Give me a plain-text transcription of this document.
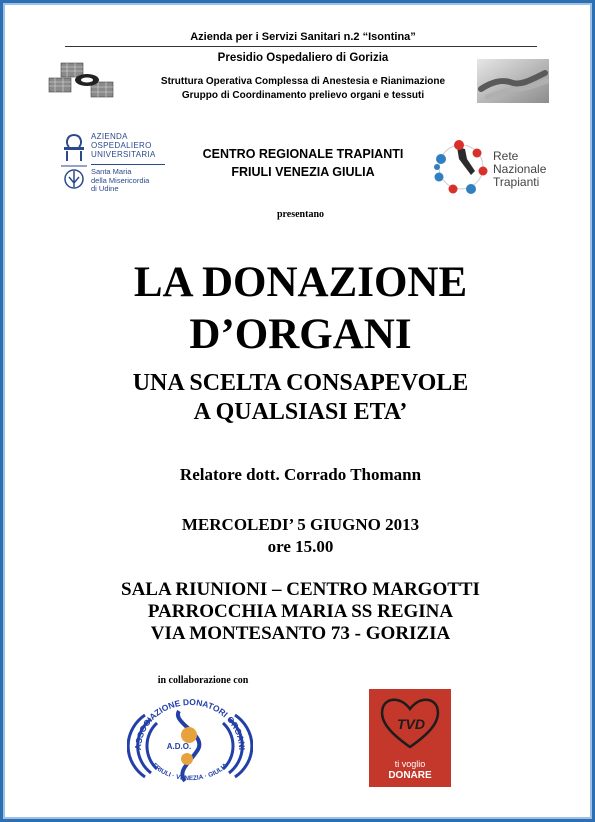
Azienda per i Servizi Sanitari n.2 “Isontina”
Presidio Ospedaliero di Gorizia
Struttura Operativa Complessa di Anestesia e Rianimazione
Gruppo di Coordinamento prelievo organi e tessuti
AZIENDA
OSPEDALIERO
UNIVERSITARIA
Santa Maria
della Misericordia
di Udine
CENTRO REGIONALE TRAPIANTI
FRIULI VENEZIA GIULIA
Rete
Nazionale
Trapianti
presentano
LA DONAZIONE
D’ORGANI
UNA SCELTA CONSAPEVOLE
A QUALSIASI ETA’
Relatore dott. Corrado Thomann
MERCOLEDI’ 5 GIUGNO 2013
ore 15.00
SALA RIUNIONI – CENTRO MARGOTTI
PARROCCHIA MARIA SS REGINA
VIA MONTESANTO 73 - GORIZIA
in collaborazione con
ASSOCIAZIONE DONATORI ORGANI
A.D.O.
FRIULI · VENEZIA · GIULIA
TVD
ti voglio
DONARE
